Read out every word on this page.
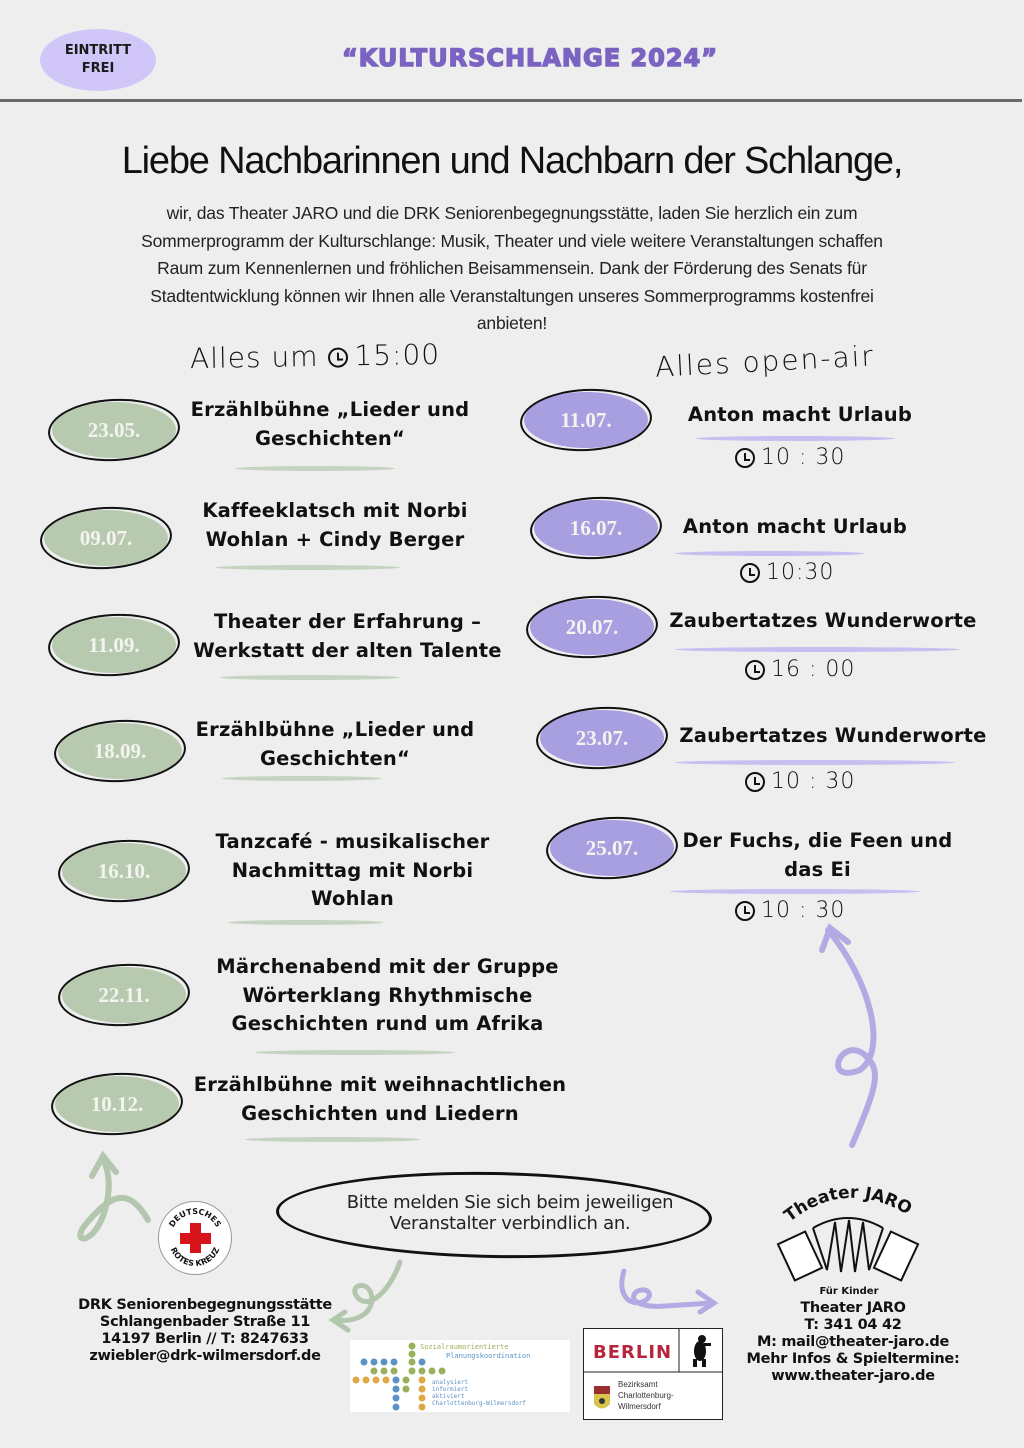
EINTRITT
FREI	“KULTURSCHLANGE 2024”
Liebe Nachbarinnen und Nachbarn der Schlange,
wir, das Theater JARO und die DRK Seniorenbegegnungsstätte, laden Sie herzlich ein zum
Sommerprogramm der Kulturschlange: Musik, Theater und viele weitere Veranstaltungen schaffen
Raum zum Kennenlernen und fröhlichen Beisammensein. Dank der Förderung des Senats für
Stadtentwicklung können wir Ihnen alle Veranstaltungen unseres Sommerprogramms kostenfrei
anbieten!
Alles um 15:00	Alles open-air
23.05.
Erzählbühne „Lieder und
Geschichten“
09.07.
Kaffeeklatsch mit Norbi
Wohlan + Cindy Berger
11.09.
Theater der Erfahrung –
Werkstatt der alten Talente
18.09.
Erzählbühne „Lieder und
Geschichten“
16.10.
Tanzcafé - musikalischer
Nachmittag mit Norbi
Wohlan
22.11.
Märchenabend mit der Gruppe
Wörterklang Rhythmische
Geschichten rund um Afrika
10.12.
Erzählbühne mit weihnachtlichen
Geschichten und Liedern
11.07.	Anton macht Urlaub
10 : 30
16.07.	Anton macht Urlaub
10:30
20.07.	Zaubertatzes Wunderworte
16 : 00
23.07.	Zaubertatzes Wunderworte
10 : 30
25.07.	Der Fuchs, die Feen und
das Ei
10 : 30
Bitte melden Sie sich beim jeweiligen
Veranstalter verbindlich an.
DEUTSCHES
ROTES KREUZ
DRK Seniorenbegegnungsstätte
Schlangenbader Straße 11
14197 Berlin // T: 8247633
zwiebler@drk-wilmersdorf.de
Sozialraumorientierte
Planungskoordination
analysiert
informiert
aktiviert
Charlottenburg-Wilmersdorf
BERLIN
Bezirksamt
Charlottenburg-
Wilmersdorf
Theater JARO
Für Kinder
Theater JARO
T: 341 04 42
M: mail@theater-jaro.de
Mehr Infos & Spieltermine:
www.theater-jaro.de
